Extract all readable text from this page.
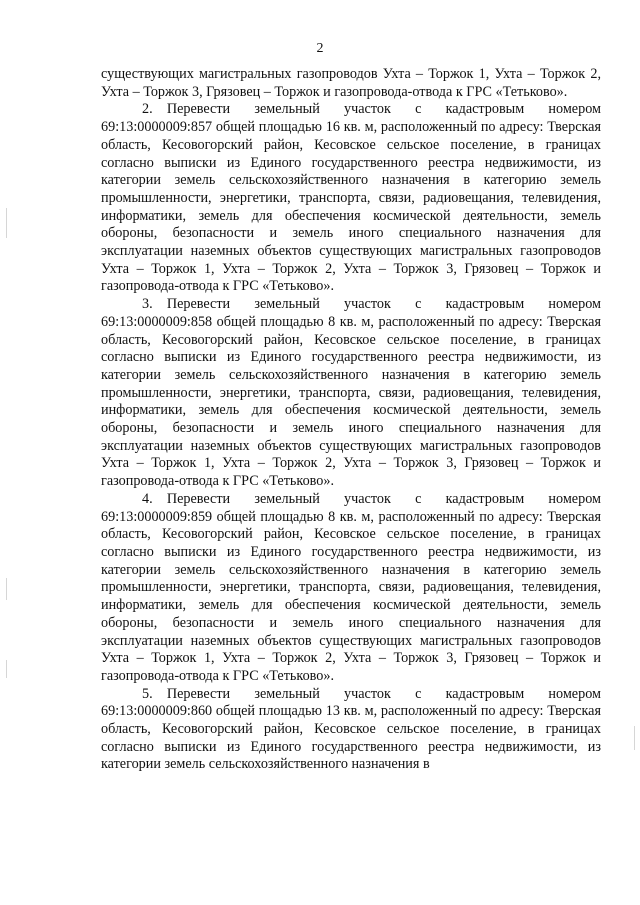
2

существующих магистральных газопроводов Ухта – Торжок 1, Ухта – Торжок 2, Ухта – Торжок 3, Грязовец – Торжок и газопровода-отвода к ГРС «Тетьково».

2. Перевести земельный участок с кадастровым номером 69:13:0000009:857 общей площадью 16 кв. м, расположенный по адресу: Тверская область, Кесовогорский район, Кесовское сельское поселение, в границах согласно выписки из Единого государственного реестра недвижимости, из категории земель сельскохозяйственного назначения в категорию земель промышленности, энергетики, транспорта, связи, радиовещания, телевидения, информатики, земель для обеспечения космической деятельности, земель обороны, безопасности и земель иного специального назначения для эксплуатации наземных объектов существующих магистральных газопроводов Ухта – Торжок 1, Ухта – Торжок 2, Ухта – Торжок 3, Грязовец – Торжок и газопровода-отвода к ГРС «Тетьково».

3. Перевести земельный участок с кадастровым номером 69:13:0000009:858 общей площадью 8 кв. м, расположенный по адресу: Тверская область, Кесовогорский район, Кесовское сельское поселение, в границах согласно выписки из Единого государственного реестра недвижимости, из категории земель сельскохозяйственного назначения в категорию земель промышленности, энергетики, транспорта, связи, радиовещания, телевидения, информатики, земель для обеспечения космической деятельности, земель обороны, безопасности и земель иного специального назначения для эксплуатации наземных объектов существующих магистральных газопроводов Ухта – Торжок 1, Ухта – Торжок 2, Ухта – Торжок 3, Грязовец – Торжок и газопровода-отвода к ГРС «Тетьково».

4. Перевести земельный участок с кадастровым номером 69:13:0000009:859 общей площадью 8 кв. м, расположенный по адресу: Тверская область, Кесовогорский район, Кесовское сельское поселение, в границах согласно выписки из Единого государственного реестра недвижимости, из категории земель сельскохозяйственного назначения в категорию земель промышленности, энергетики, транспорта, связи, радиовещания, телевидения, информатики, земель для обеспечения космической деятельности, земель обороны, безопасности и земель иного специального назначения для эксплуатации наземных объектов существующих магистральных газопроводов Ухта – Торжок 1, Ухта – Торжок 2, Ухта – Торжок 3, Грязовец – Торжок и газопровода-отвода к ГРС «Тетьково».

5. Перевести земельный участок с кадастровым номером 69:13:0000009:860 общей площадью 13 кв. м, расположенный по адресу: Тверская область, Кесовогорский район, Кесовское сельское поселение, в границах согласно выписки из Единого государственного реестра недвижимости, из категории земель сельскохозяйственного назначения в
